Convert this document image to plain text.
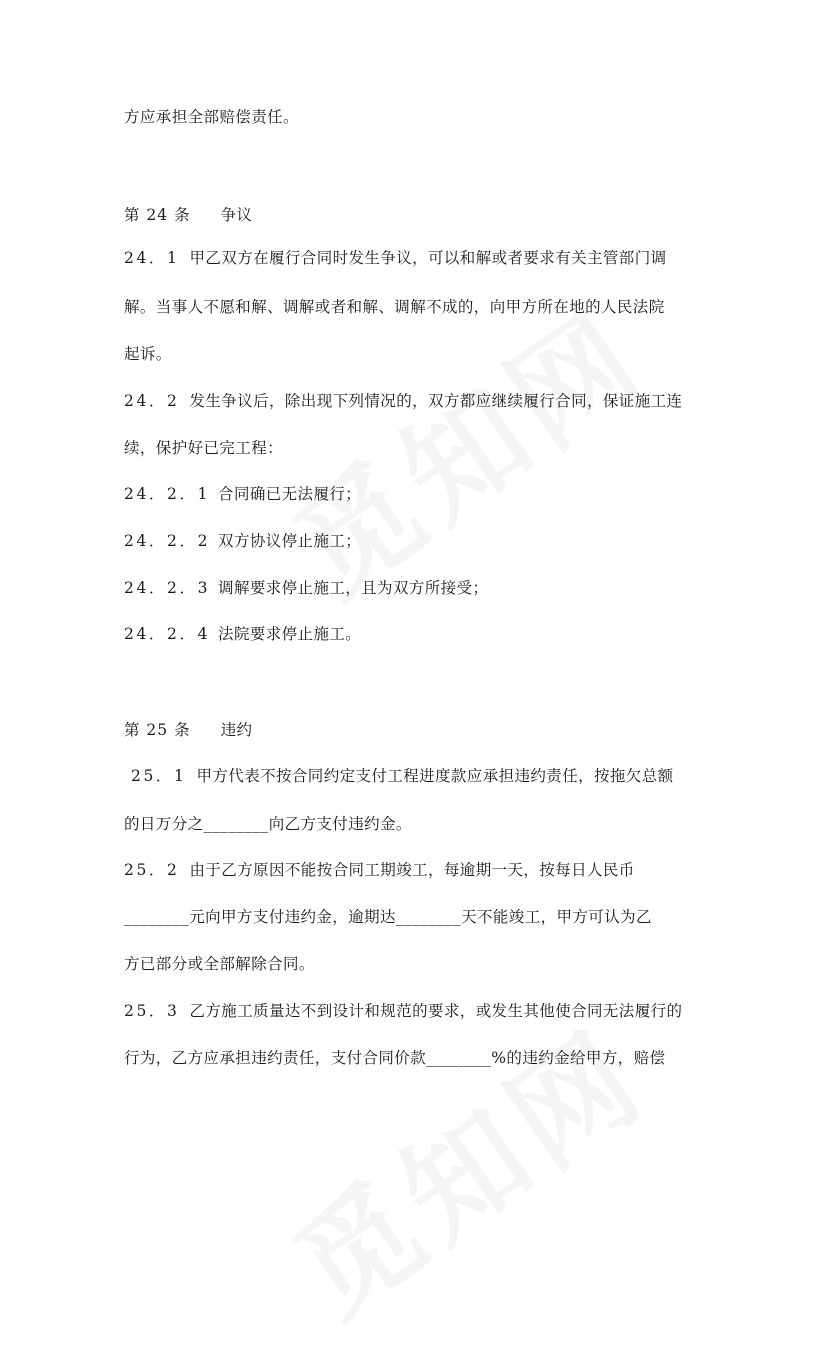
方应承担全部赔偿责任。
第 24 条 争议
24．1 甲乙双方在履行合同时发生争议，可以和解或者要求有关主管部门调
解。当事人不愿和解、调解或者和解、调解不成的，向甲方所在地的人民法院
起诉。
24．2 发生争议后，除出现下列情况的，双方都应继续履行合同，保证施工连
续，保护好已完工程：
24．2．1 合同确已无法履行；
24．2．2 双方协议停止施工；
24．2．3 调解要求停止施工，且为双方所接受；
24．2．4 法院要求停止施工。
第 25 条 违约
25．1 甲方代表不按合同约定支付工程进度款应承担违约责任，按拖欠总额
的日万分之________向乙方支付违约金。
25．2 由于乙方原因不能按合同工期竣工，每逾期一天，按每日人民币
________元向甲方支付违约金，逾期达________天不能竣工，甲方可认为乙
方已部分或全部解除合同。
25．3 乙方施工质量达不到设计和规范的要求，或发生其他使合同无法履行的
行为，乙方应承担违约责任，支付合同价款________%的违约金给甲方，赔偿
